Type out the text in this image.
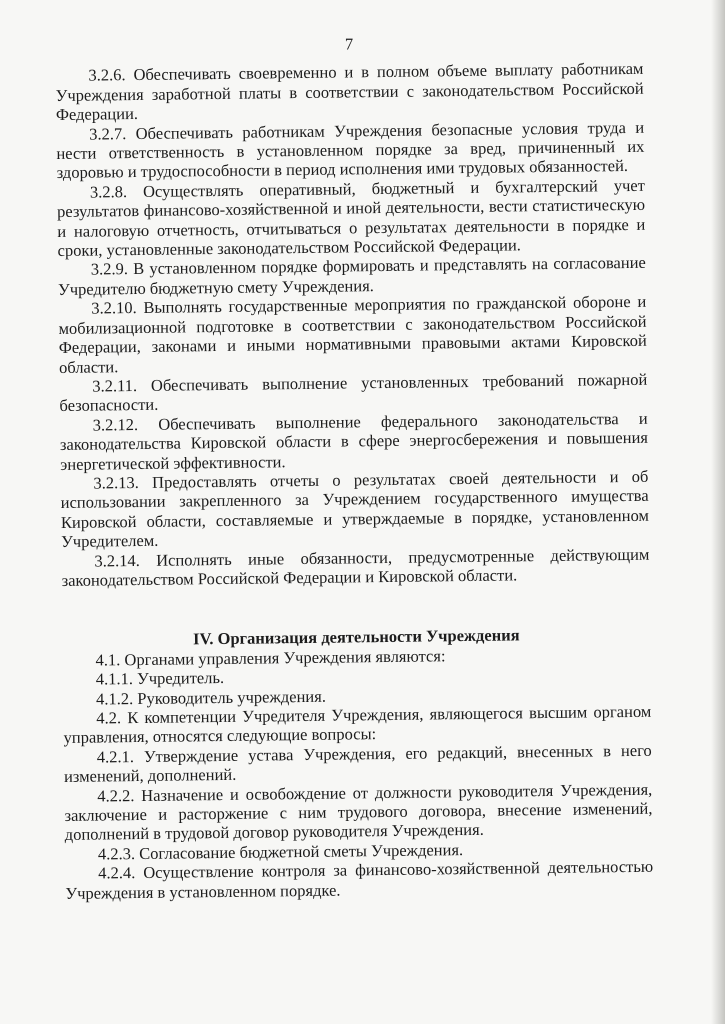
7

3.2.6. Обеспечивать своевременно и в полном объеме выплату работникам Учреждения заработной платы в соответствии с законодательством Российской Федерации.

3.2.7. Обеспечивать работникам Учреждения безопасные условия труда и нести ответственность в установленном порядке за вред, причиненный их здоровью и трудоспособности в период исполнения ими трудовых обязанностей.

3.2.8. Осуществлять оперативный, бюджетный и бухгалтерский учет результатов финансово-хозяйственной и иной деятельности, вести статистическую и налоговую отчетность, отчитываться о результатах деятельности в порядке и сроки, установленные законодательством Российской Федерации.

3.2.9. В установленном порядке формировать и представлять на согласование Учредителю бюджетную смету Учреждения.

3.2.10. Выполнять государственные мероприятия по гражданской обороне и мобилизационной подготовке в соответствии с законодательством Российской Федерации, законами и иными нормативными правовыми актами Кировской области.

3.2.11. Обеспечивать выполнение установленных требований пожарной безопасности.

3.2.12. Обеспечивать выполнение федерального законодательства и законодательства Кировской области в сфере энергосбережения и повышения энергетической эффективности.

3.2.13. Предоставлять отчеты о результатах своей деятельности и об использовании закрепленного за Учреждением государственного имущества Кировской области, составляемые и утверждаемые в порядке, установленном Учредителем.

3.2.14. Исполнять иные обязанности, предусмотренные действующим законодательством Российской Федерации и Кировской области.

IV. Организация деятельности Учреждения

4.1. Органами управления Учреждения являются:

4.1.1. Учредитель.

4.1.2. Руководитель учреждения.

4.2. К компетенции Учредителя Учреждения, являющегося высшим органом управления, относятся следующие вопросы:

4.2.1. Утверждение устава Учреждения, его редакций, внесенных в него изменений, дополнений.

4.2.2. Назначение и освобождение от должности руководителя Учреждения, заключение и расторжение с ним трудового договора, внесение изменений, дополнений в трудовой договор руководителя Учреждения.

4.2.3. Согласование бюджетной сметы Учреждения.

4.2.4. Осуществление контроля за финансово-хозяйственной деятельностью Учреждения в установленном порядке.
